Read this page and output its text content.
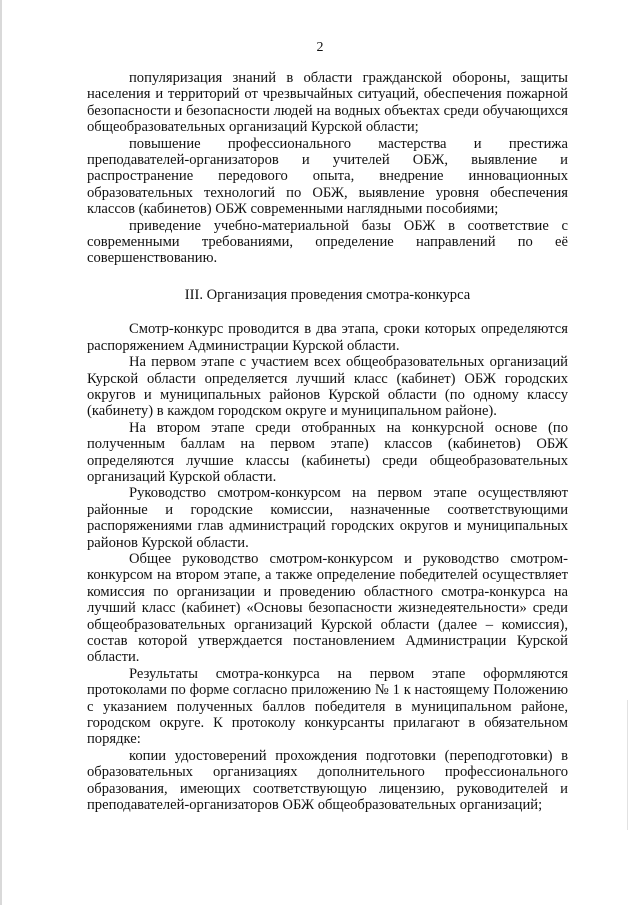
2

популяризация знаний в области гражданской обороны, защиты населения и территорий от чрезвычайных ситуаций, обеспечения пожарной безопасности и безопасности людей на водных объектах среди обучающихся общеобразовательных организаций Курской области;

повышение профессионального мастерства и престижа преподавателей-организаторов и учителей ОБЖ, выявление и распространение передового опыта, внедрение инновационных образовательных технологий по ОБЖ, выявление уровня обеспечения классов (кабинетов) ОБЖ современными наглядными пособиями;

приведение учебно-материальной базы ОБЖ в соответствие с современными требованиями, определение направлений по её совершенствованию.

III. Организация проведения смотра-конкурса

Смотр-конкурс проводится в два этапа, сроки которых определяются распоряжением Администрации Курской области.

На первом этапе с участием всех общеобразовательных организаций Курской области определяется лучший класс (кабинет) ОБЖ городских округов и муниципальных районов Курской области (по одному классу (кабинету) в каждом городском округе и муниципальном районе).

На втором этапе среди отобранных на конкурсной основе (по полученным баллам на первом этапе) классов (кабинетов) ОБЖ определяются лучшие классы (кабинеты) среди общеобразовательных организаций Курской области.

Руководство смотром-конкурсом на первом этапе осуществляют районные и городские комиссии, назначенные соответствующими распоряжениями глав администраций городских округов и муниципальных районов Курской области.

Общее руководство смотром-конкурсом и руководство смотром-конкурсом на втором этапе, а также определение победителей осуществляет комиссия по организации и проведению областного смотра-конкурса на лучший класс (кабинет) «Основы безопасности жизнедеятельности» среди общеобразовательных организаций Курской области (далее – комиссия), состав которой утверждается постановлением Администрации Курской области.

Результаты смотра-конкурса на первом этапе оформляются протоколами по форме согласно приложению № 1 к настоящему Положению с указанием полученных баллов победителя в муниципальном районе, городском округе. К протоколу конкурсанты прилагают в обязательном порядке:

копии удостоверений прохождения подготовки (переподготовки) в образовательных организациях дополнительного профессионального образования, имеющих соответствующую лицензию, руководителей и преподавателей-организаторов ОБЖ общеобразовательных организаций;
